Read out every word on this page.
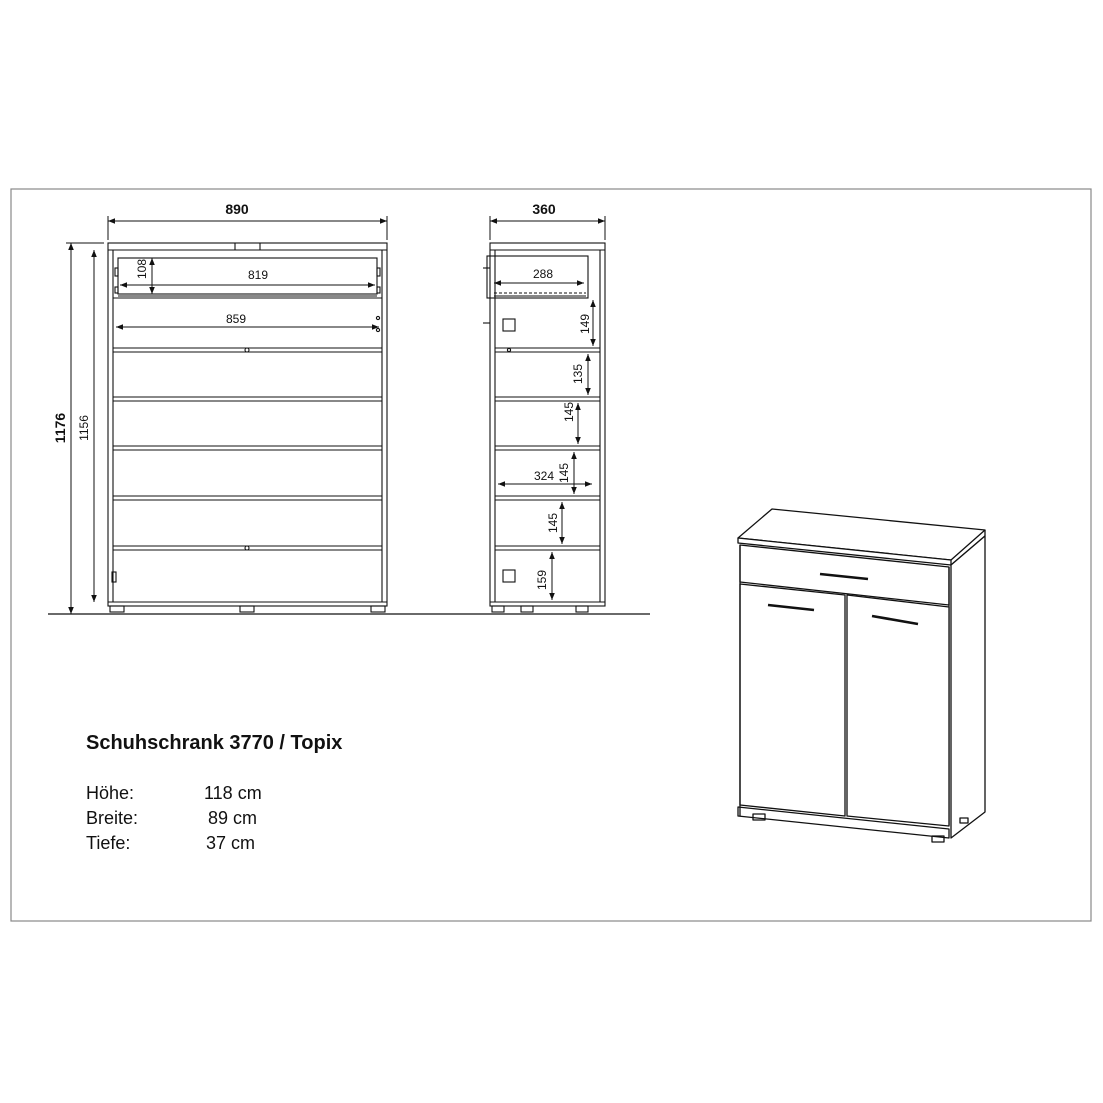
890
819
859
108
1176 1156
360
288
324
149
135
145
145
145
159
Schuhschrank 3770 / Topix
Höhe:	118 cm
Breite:	89 cm
Tiefe:	37 cm
